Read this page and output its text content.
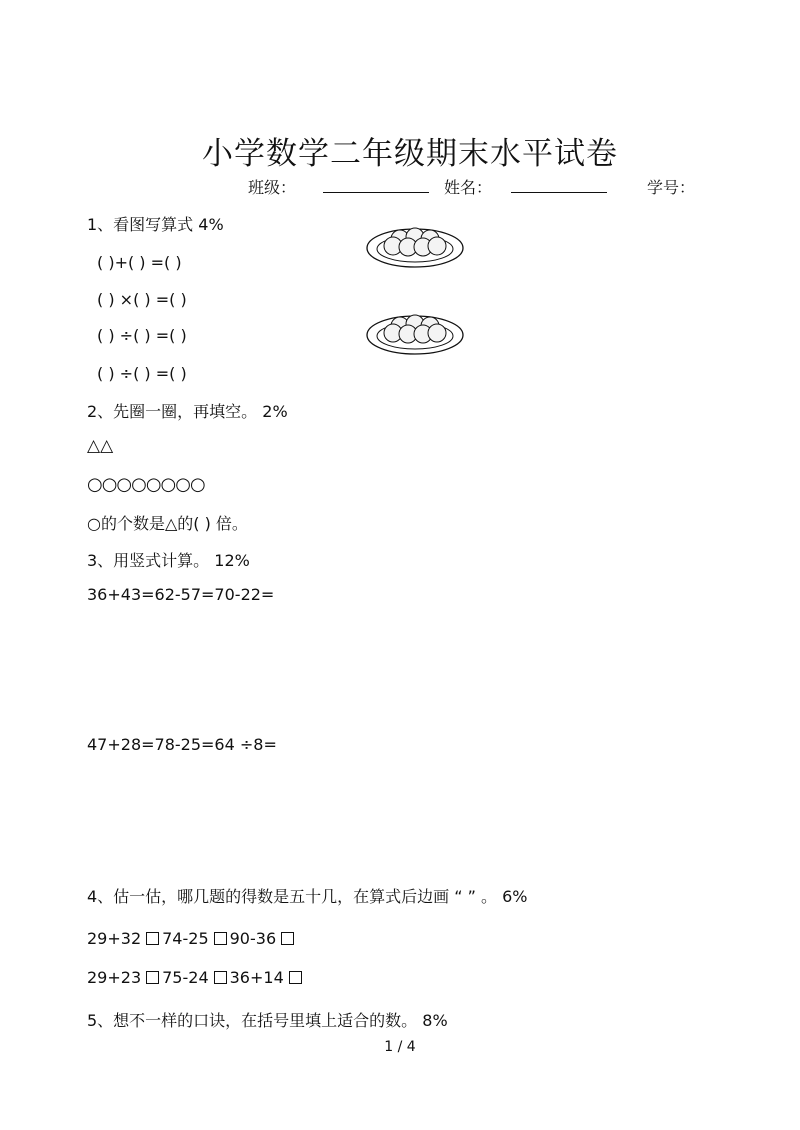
小学数学二年级期末水平试卷
班级：	姓名：	学号：
1、看图写算式 4%
( )+( ) =( )
( ) ×( ) =( )
( ) ÷( ) =( )
( ) ÷( ) =( )
2、先圈一圈，再填空。 2%
△△
○○○○○○○○
○的个数是△的( ) 倍。
3、用竖式计算。 12%
36+43=62-57=70-22=
47+28=78-25=64 ÷8=
4、估一估，哪几题的得数是五十几，在算式后边画 “ ” 。 6%
29+32 74-25 90-36
29+23 75-24 36+14
5、想不一样的口诀，在括号里填上适合的数。 8%
1 / 4
